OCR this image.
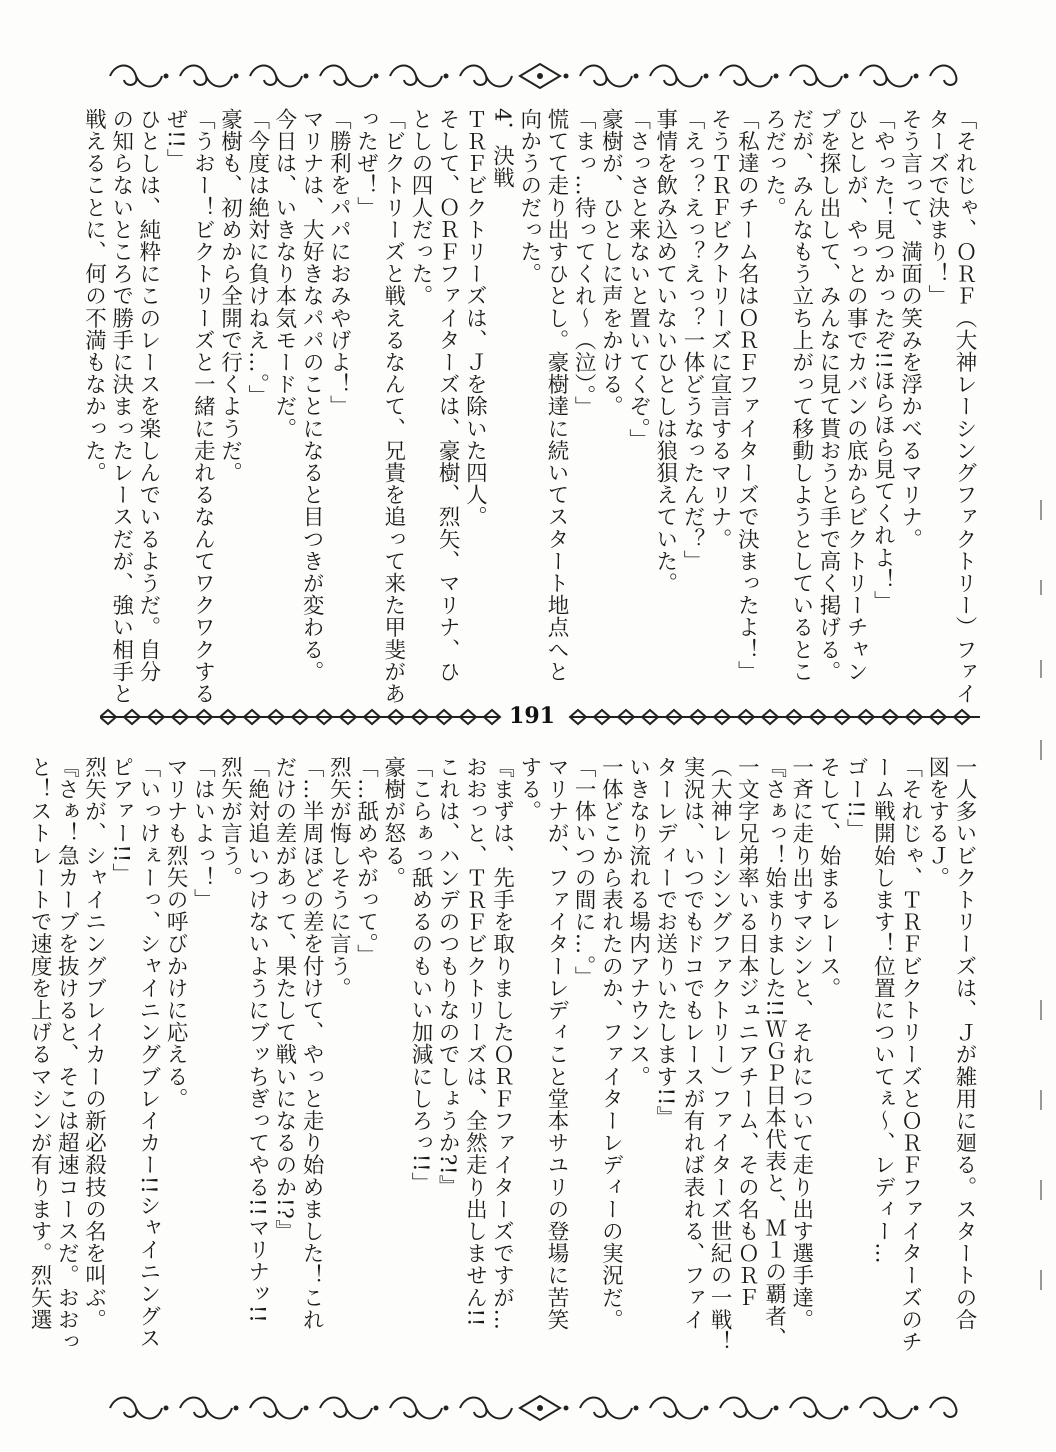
「それじゃ、ＯＲＦ（大神レーシングファクトリー）ファイ
ターズで決まり！」
そう言って、満面の笑みを浮かべるマリナ。
「やった！見つかったぞ!!ほらほら見てくれよ！」
ひとしが、やっとの事でカバンの底からビクトリーチャン
プを探し出して、みんなに見て貰おうと手で高く掲げる。
だが、みんなもう立ち上がって移動しようとしているとこ
ろだった。
「私達のチーム名はＯＲＦファイターズで決まったよ！」
そうＴＲＦビクトリーズに宣言するマリナ。
「えっ？えっ？えっ？一体どうなったんだ？」
事情を飲み込めていないひとしは狼狽えていた。
「さっさと来ないと置いてくぞ。」
豪樹が、ひとしに声をかける。
「まっ…待ってくれ〜（泣）。」
慌てて走り出すひとし。豪樹達に続いてスタート地点へと
向かうのだった。
4．決戦
ＴＲＦビクトリーズは、Ｊを除いた四人。
そして、ＯＲＦファイターズは、豪樹、烈矢、マリナ、ひ
としの四人だった。
「ビクトリーズと戦えるなんて、兄貴を追って来た甲斐があ
ったぜ！」
「勝利をパパにおみやげよ！」
マリナは、大好きなパパのことになると目つきが変わる。
今日は、いきなり本気モードだ。
「今度は絶対に負けねえ…。」
豪樹も、初めから全開で行くようだ。
「うおー！ビクトリーズと一緒に走れるなんてワクワクする
ぜ!!」
ひとしは、純粋にこのレースを楽しんでいるようだ。自分
の知らないところで勝手に決まったレースだが、強い相手と
戦えることに、何の不満もなかった。
191
一人多いビクトリーズは、Ｊが雑用に廻る。スタートの合
図をするＪ。
「それじゃ、ＴＲＦビクトリーズとＯＲＦファイターズのチ
ーム戦開始します！位置についてぇ〜、レディー…
ゴー!!」
そして、始まるレース。
一斉に走り出すマシンと、それについて走り出す選手達。
『さぁっ！始まりました!!ＷＧＰ日本代表と、Ｍ１の覇者、
一文字兄弟率いる日本ジュニアチーム、その名もＯＲＦ
（大神レーシングファクトリー）ファイターズ世紀の一戦！
実況は、いつでもドコでもレースが有れば表れる、ファイ
ターレディーでお送りいたします!!』
いきなり流れる場内アナウンス。
一体どこから表れたのか、ファイターレディーの実況だ。
「一体いつの間に…。」
マリナが、ファイターレディこと堂本サユリの登場に苦笑
する。
『まずは、先手を取りましたＯＲＦファイターズですが…
おおっと、ＴＲＦビクトリーズは、全然走り出しません!!
これは、ハンデのつもりなのでしょうか?!』
「こらぁっ舐めるのもいい加減にしろっ!!」
豪樹が怒る。
「…舐めやがって。」
烈矢が悔しそうに言う。
「…半周ほどの差を付けて、やっと走り始めました！これ
だけの差があって、果たして戦いになるのか!?』
「絶対追いつけないようにブッちぎってやる!!マリナッ!!
烈矢が言う。
「はいよっ！」
マリナも烈矢の呼びかけに応える。
「いっけぇーっ、シャイニングブレイカー!!シャイニングス
ピアァー!!」
烈矢が、シャイニングブレイカーの新必殺技の名を叫ぶ。
『さぁ！急カーブを抜けると、そこは超速コースだ。おおっ
と！ストレートで速度を上げるマシンが有ります。烈矢選
